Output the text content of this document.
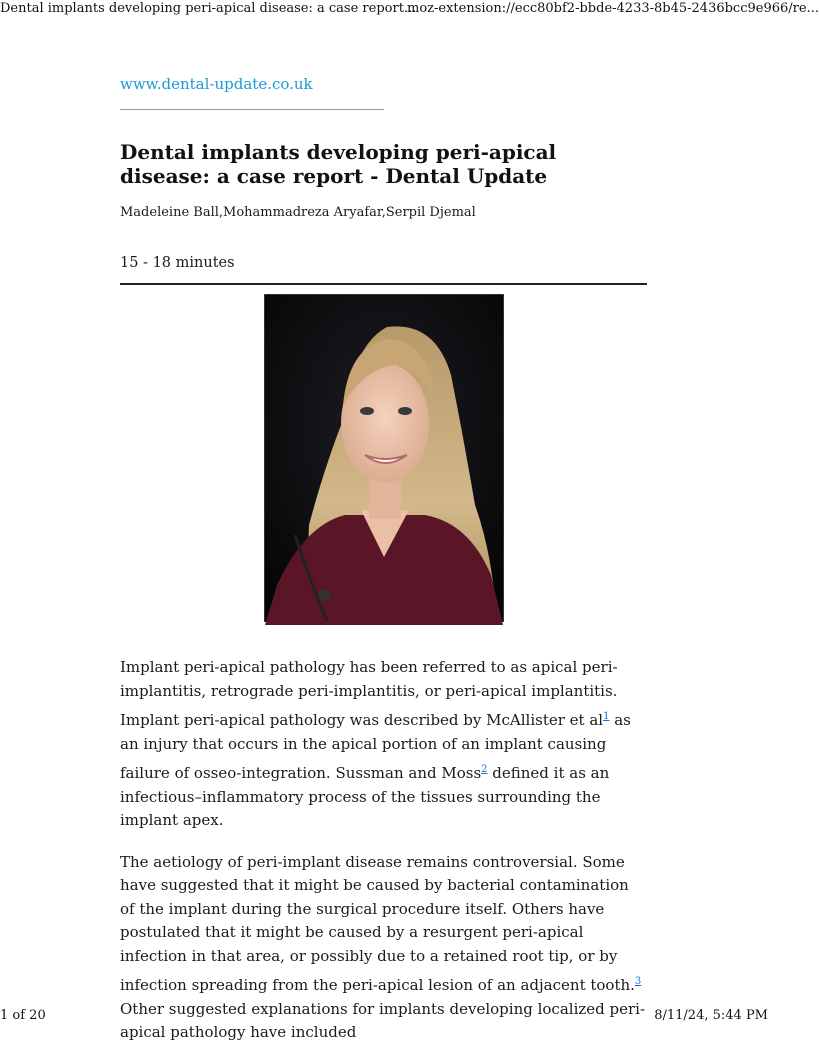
Dental implants developing peri-apical disease: a case report...
moz-extension://ecc80bf2-bbde-4233-8b45-2436bcc9e966/re...
www.dental-update.co.uk
Dental implants developing peri-apical disease: a case report - Dental Update
Madeleine Ball,Mohammadreza Aryafar,Serpil Djemal
15 - 18 minutes

Implant peri-apical pathology has been referred to as apical peri-implantitis, retrograde peri-implantitis, or peri-apical implantitis. Implant peri-apical pathology was described by McAllister et al$^1$ as an injury that occurs in the apical portion of an implant causing failure of osseo-integration. Sussman and Moss$^2$ defined it as an infectious–inflammatory process of the tissues surrounding the implant apex.

The aetiology of peri-implant disease remains controversial. Some have suggested that it might be caused by bacterial contamination of the implant during the surgical procedure itself. Others have postulated that it might be caused by a resurgent peri-apical infection in that area, or possibly due to a retained root tip, or by infection spreading from the peri-apical lesion of an adjacent tooth.$^3$ Other suggested explanations for implants developing localized peri-apical pathology have included

1 of 20	8/11/24, 5:44 PM
